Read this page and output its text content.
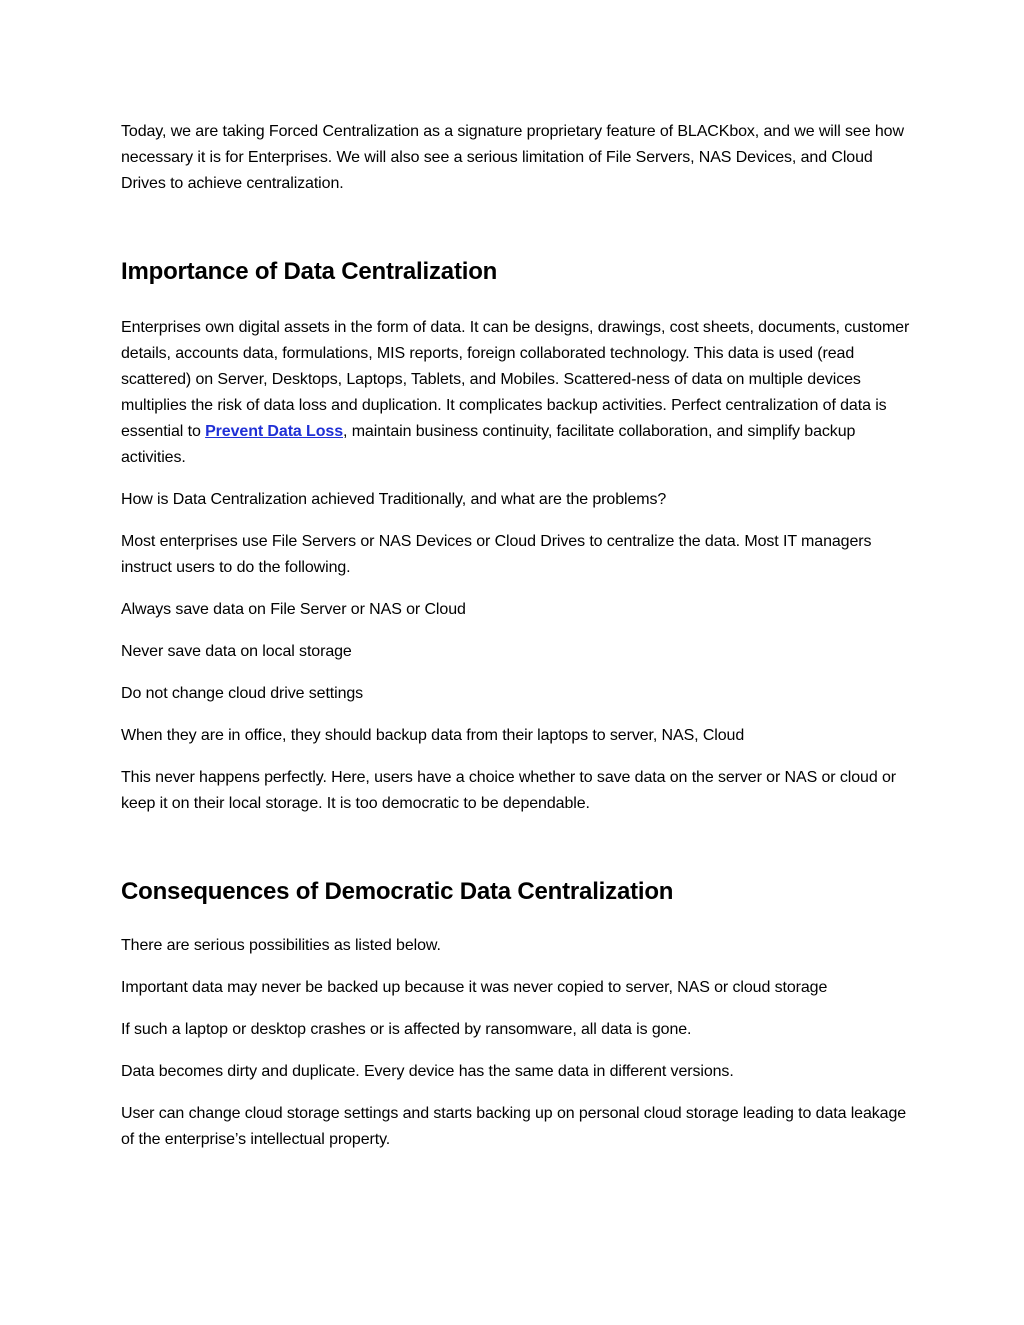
Today, we are taking Forced Centralization as a signature proprietary feature of BLACKbox, and we will see how necessary it is for Enterprises. We will also see a serious limitation of File Servers, NAS Devices, and Cloud Drives to achieve centralization.

Importance of Data Centralization

Enterprises own digital assets in the form of data. It can be designs, drawings, cost sheets, documents, customer details, accounts data, formulations, MIS reports, foreign collaborated technology. This data is used (read scattered) on Server, Desktops, Laptops, Tablets, and Mobiles. Scattered-ness of data on multiple devices multiplies the risk of data loss and duplication. It complicates backup activities. Perfect centralization of data is essential to Prevent Data Loss, maintain business continuity, facilitate collaboration, and simplify backup activities.

How is Data Centralization achieved Traditionally, and what are the problems?

Most enterprises use File Servers or NAS Devices or Cloud Drives to centralize the data. Most IT managers instruct users to do the following.

Always save data on File Server or NAS or Cloud

Never save data on local storage

Do not change cloud drive settings

When they are in office, they should backup data from their laptops to server, NAS, Cloud

This never happens perfectly. Here, users have a choice whether to save data on the server or NAS or cloud or keep it on their local storage. It is too democratic to be dependable.

Consequences of Democratic Data Centralization

There are serious possibilities as listed below.

Important data may never be backed up because it was never copied to server, NAS or cloud storage

If such a laptop or desktop crashes or is affected by ransomware, all data is gone.

Data becomes dirty and duplicate. Every device has the same data in different versions.

User can change cloud storage settings and starts backing up on personal cloud storage leading to data leakage of the enterprise’s intellectual property.
